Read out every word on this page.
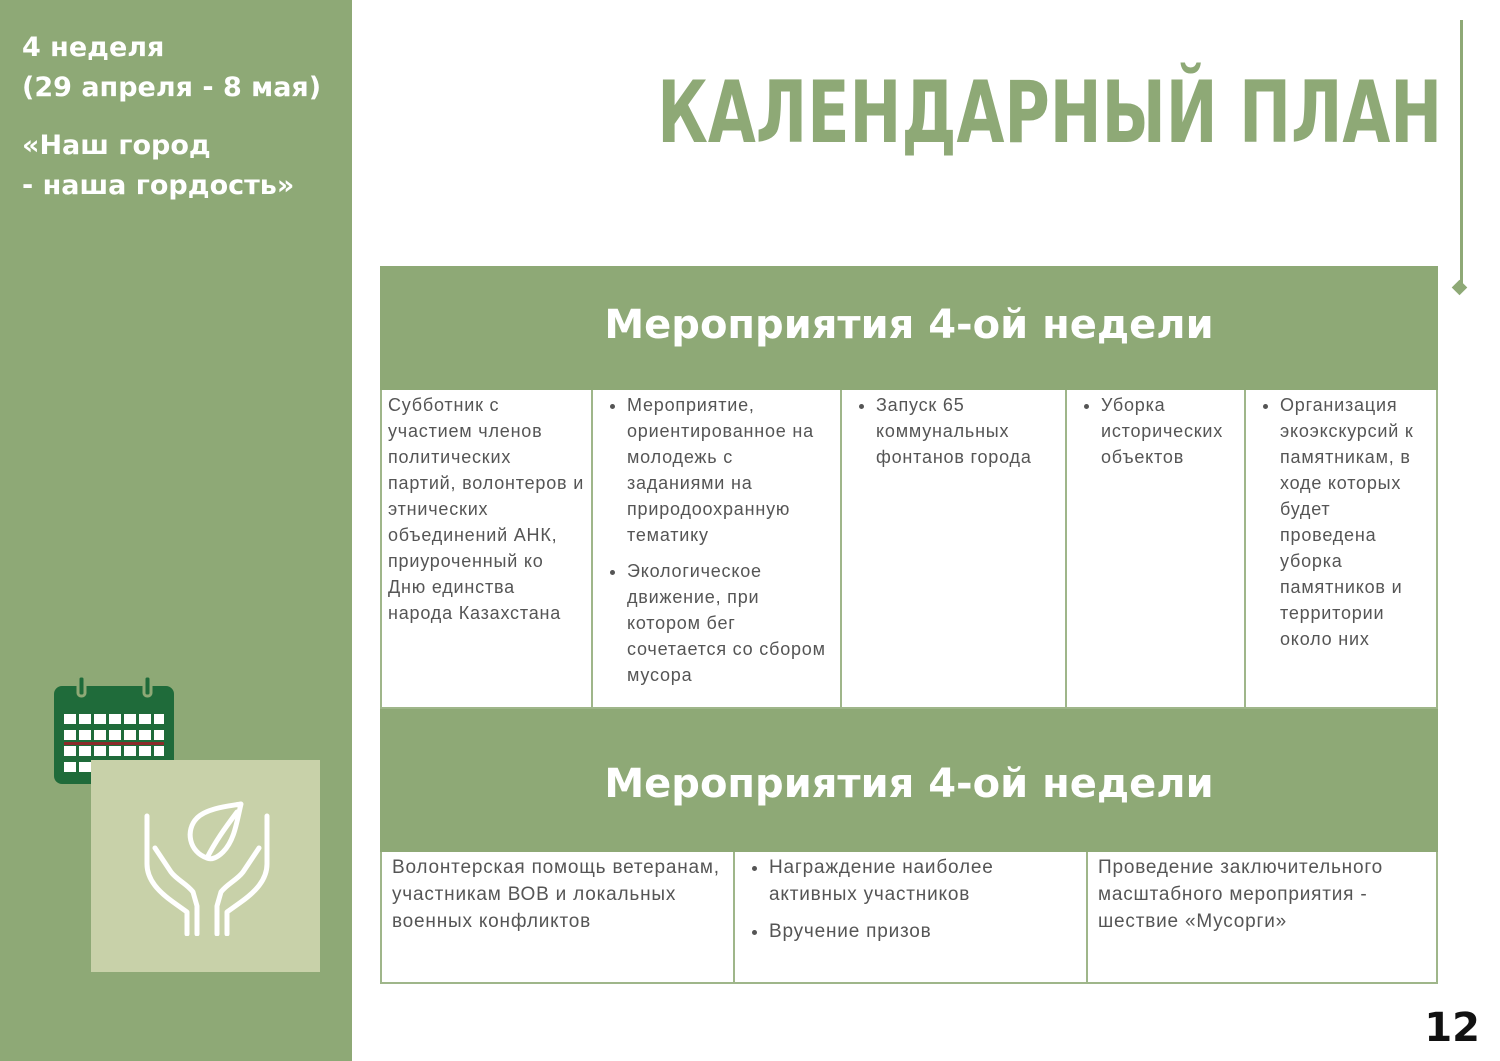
4 неделя
(29 апреля - 8 мая)
«Наш город
- наша гордость»
КАЛЕНДАРНЫЙ ПЛАН
Мероприятия 4-ой недели

Субботник с участием членов политических партий, волонтеров и этнических объединений АНК, приуроченный ко Дню единства народа Казахстана

• Мероприятие, ориентированное на молодежь с заданиями на природоохранную тематику
• Экологическое движение, при котором бег сочетается со сбором мусора
• Запуск 65 коммунальных фонтанов города
• Уборка исторических объектов
• Организация экоэкскурсий к памятникам, в ходе которых будет проведена уборка памятников и территории около них
Мероприятия 4-ой недели

Волонтерская помощь ветеранам, участникам ВОВ и локальных военных конфликтов

• Награждение наиболее активных участников
• Вручение призов

Проведение заключительного масштабного мероприятия - шествие «Мусорги»

12
